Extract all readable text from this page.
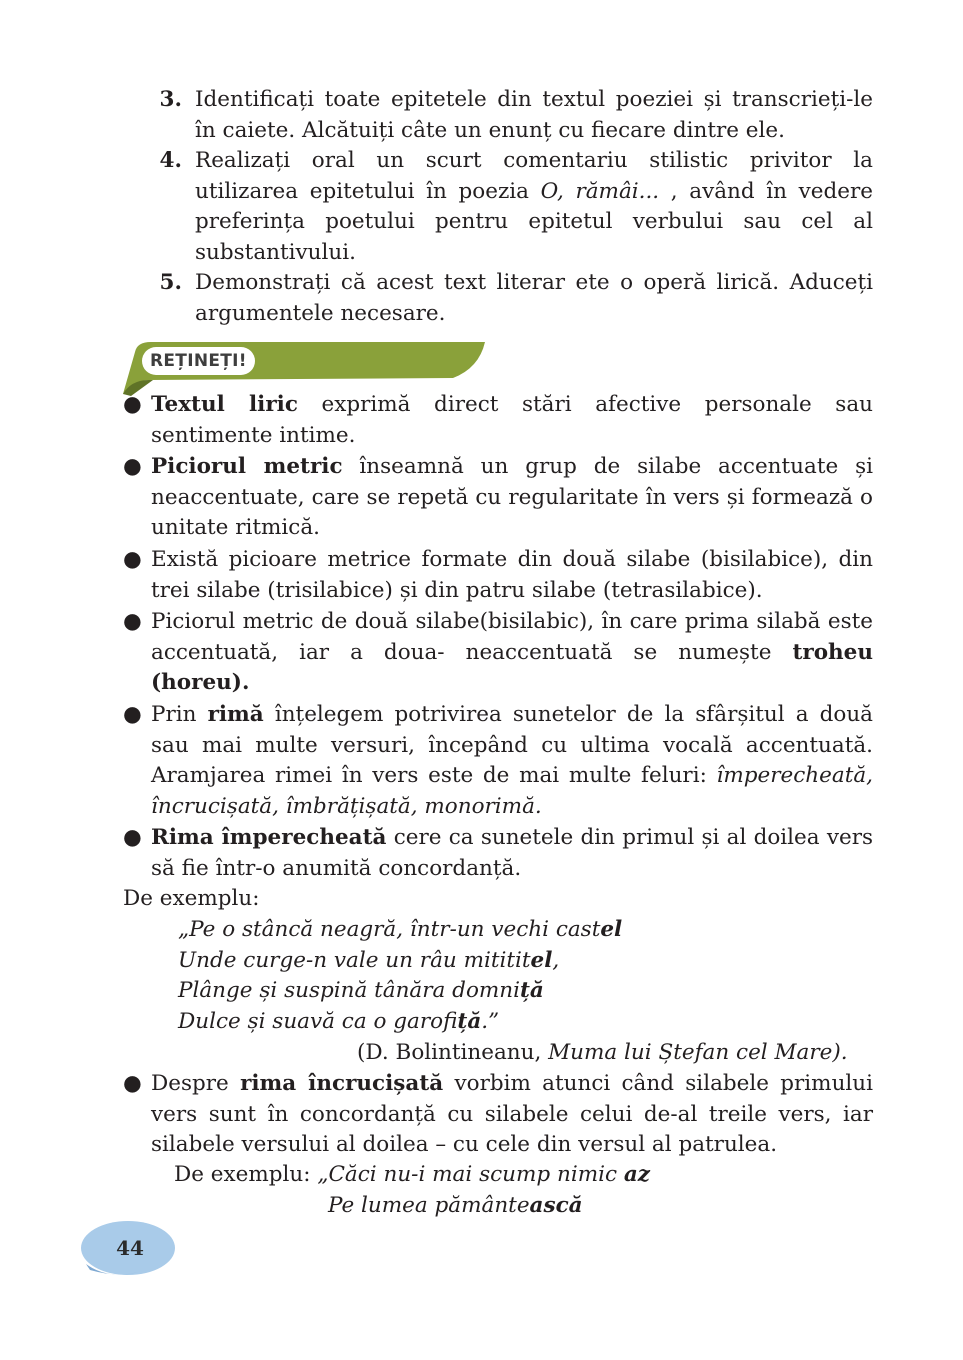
3. Identificați toate epitetele din textul poeziei și transcrieți-le în caiete. Alcătuiți câte un enunț cu fiecare dintre ele.
4. Realizați oral un scurt comentariu stilistic privitor la utilizarea epitetului în poezia O, rămâi... , având în vedere preferința poetului pentru epitetul verbului sau cel al substantivului.
5. Demonstrați că acest text literar ete o operă lirică. Aduceți argumentele necesare.
REȚINEȚI!
● Textul liric exprimă direct stări afective personale sau sentimente intime.
● Piciorul metric înseamnă un grup de silabe accentuate și neaccentuate, care se repetă cu regularitate în vers și formează o unitate ritmică.
● Există picioare metrice formate din două silabe (bisilabice), din trei silabe (trisilabice) și din patru silabe (tetrasilabice).
● Piciorul metric de două silabe(bisilabic), în care prima silabă este accentuată, iar a doua- neaccentuată se numește troheu (horeu).
● Prin rimă înțelegem potrivirea sunetelor de la sfârșitul a două sau mai multe versuri, începând cu ultima vocală accentuată. Aramjarea rimei în vers este de mai multe feluri: împerecheată, încrucișată, îmbrățișată, monorimă.
● Rima împerecheată cere ca sunetele din primul și al doilea vers să fie într-o anumită concordanță.
De exemplu:
„Pe o stâncă neagră, într-un vechi castel
Unde curge-n vale un râu mitititel,
Plânge și suspină tânăra domniță
Dulce și suavă ca o garofiță.”
(D. Bolintineanu, Muma lui Ștefan cel Mare).
● Despre rima încrucișată vorbim atunci când silabele primului vers sunt în concordanță cu silabele celui de-al treile vers, iar silabele versului al doilea – cu cele din versul al patrulea.
De exemplu: „Căci nu-i mai scump nimic az
Pe lumea pământească
44
